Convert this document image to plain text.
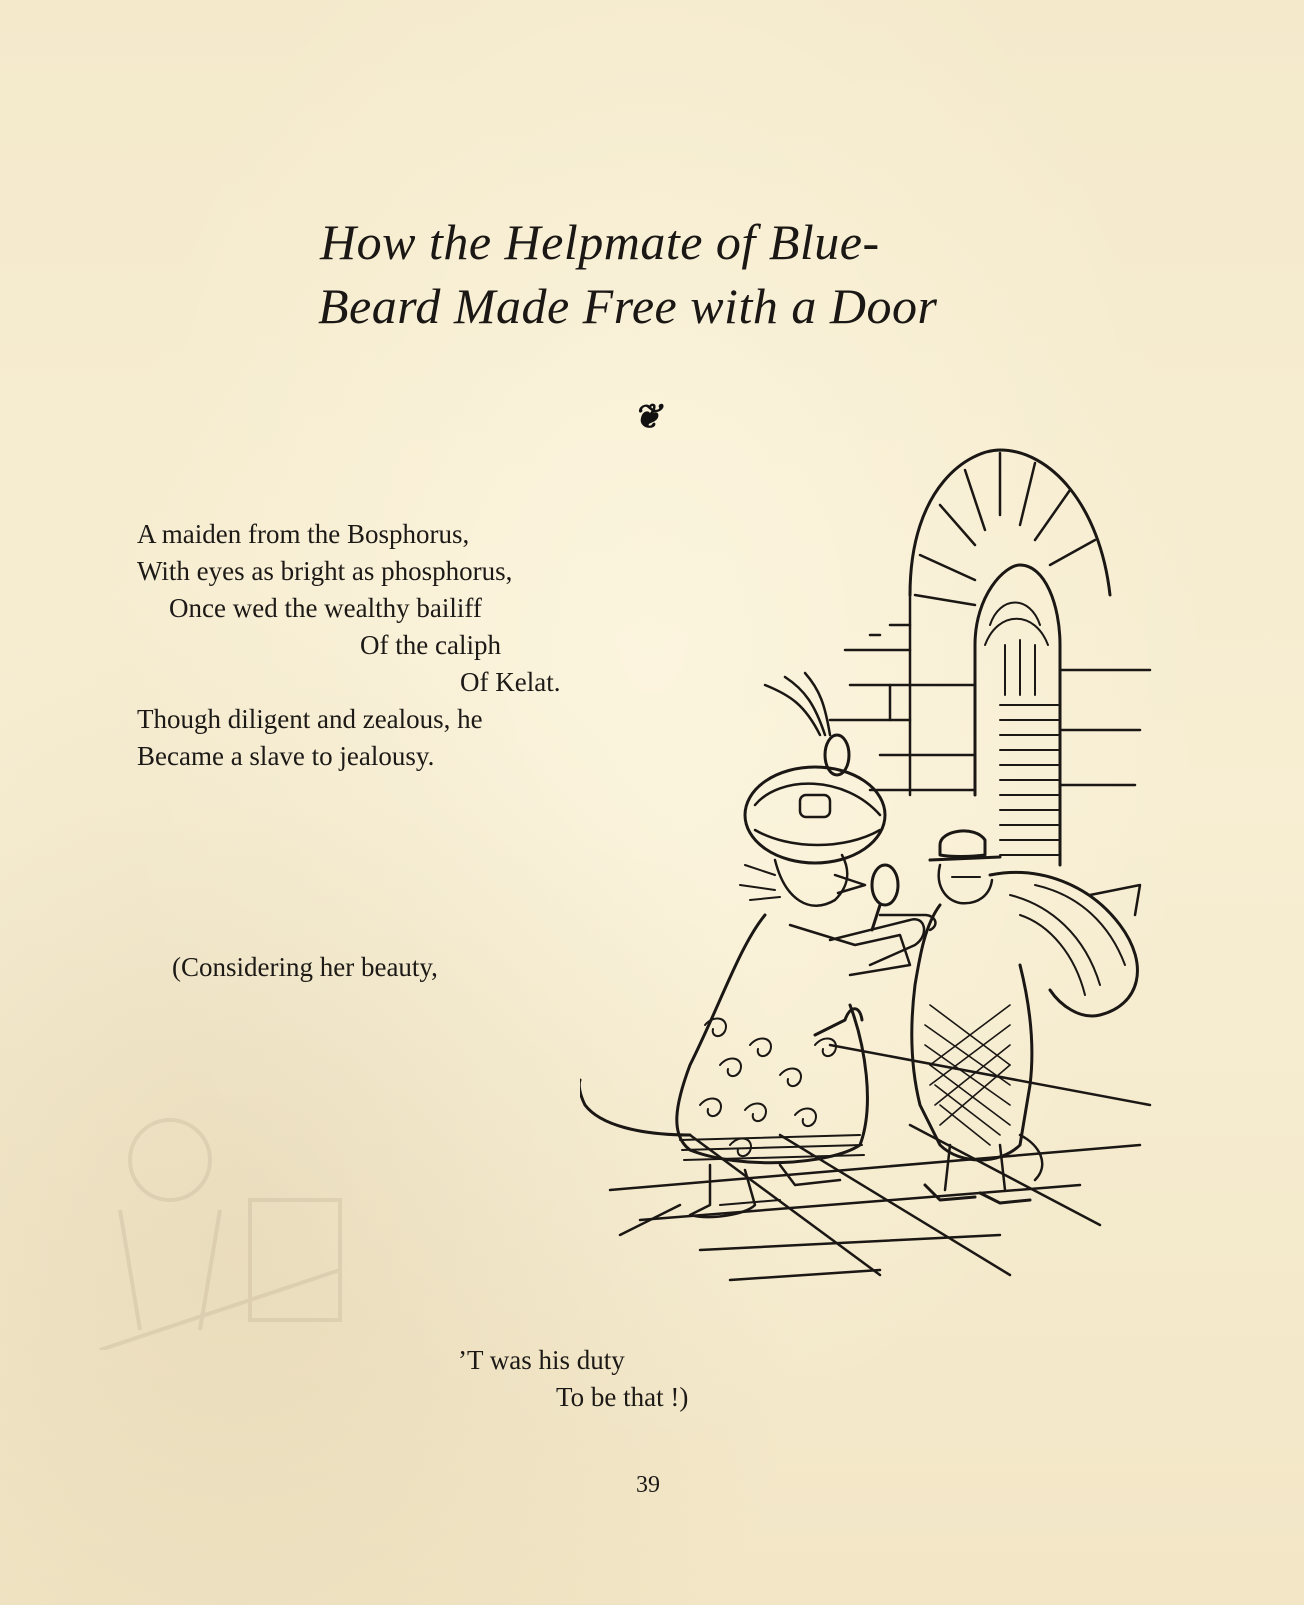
How the Helpmate of Blue-
Beard Made Free with a Door
❦
A maiden from the Bosphorus,
With eyes as bright as phosphorus,
Once wed the wealthy bailiff
Of the caliph
Of Kelat.
Though diligent and zealous, he
Became a slave to jealousy.
(Considering her beauty,
’T was his duty
To be that !)
39
